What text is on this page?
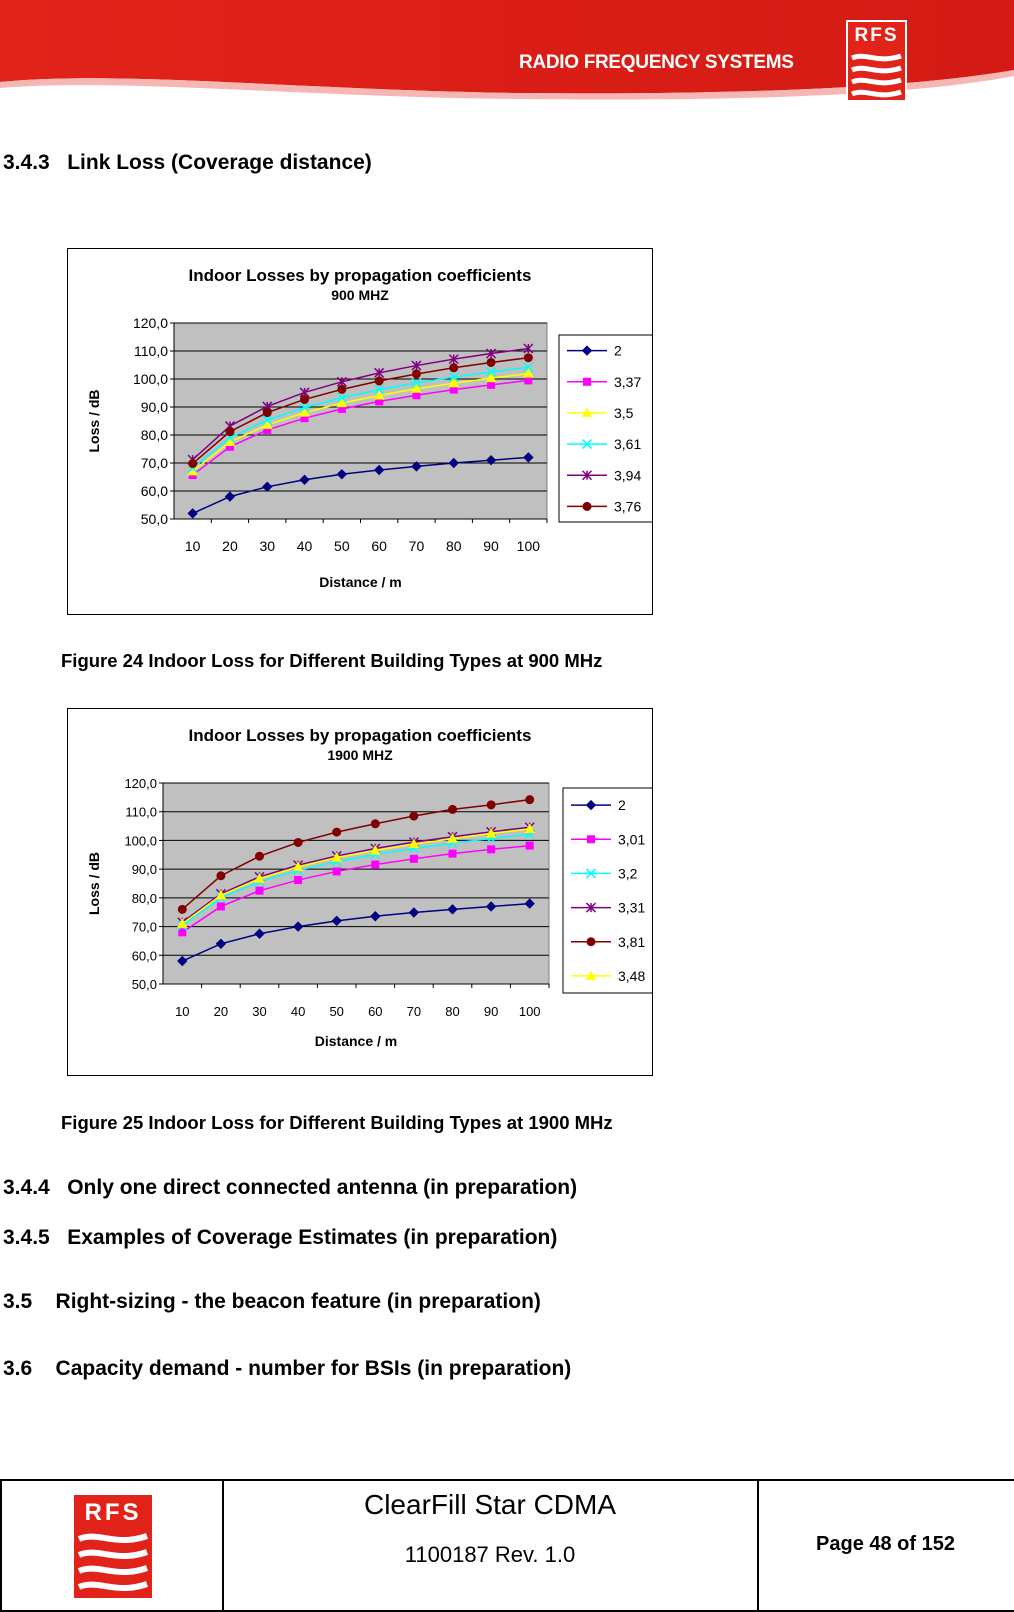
RADIO FREQUENCY SYSTEMS
RFS
3.4.3   Link Loss (Coverage distance)
Indoor Losses by propagation coefficients
900 MHZ
50,0
60,0
70,0
80,0
90,0
100,0
110,0
120,0
10 20 30 40 50 60 70 80 90 100
Distance / m
Loss / dB
2
3,37
3,5
3,61
3,94
3,76
Figure 24 Indoor Loss for Different Building Types at 900 MHz
Indoor Losses by propagation coefficients
1900 MHZ
50,0
60,0
70,0
80,0
90,0
100,0
110,0
120,0
10 20 30 40 50 60 70 80 90 100
Distance / m
Loss / dB
2
3,01
3,2
3,31
3,81
3,48
Figure 25 Indoor Loss for Different Building Types at 1900 MHz
3.4.4   Only one direct connected antenna (in preparation)
3.4.5   Examples of Coverage Estimates (in preparation)
3.5    Right-sizing - the beacon feature (in preparation)
3.6    Capacity demand - number for BSIs (in preparation)
RFS	ClearFill Star CDMA
1100187 Rev. 1.0	Page 48 of 152
